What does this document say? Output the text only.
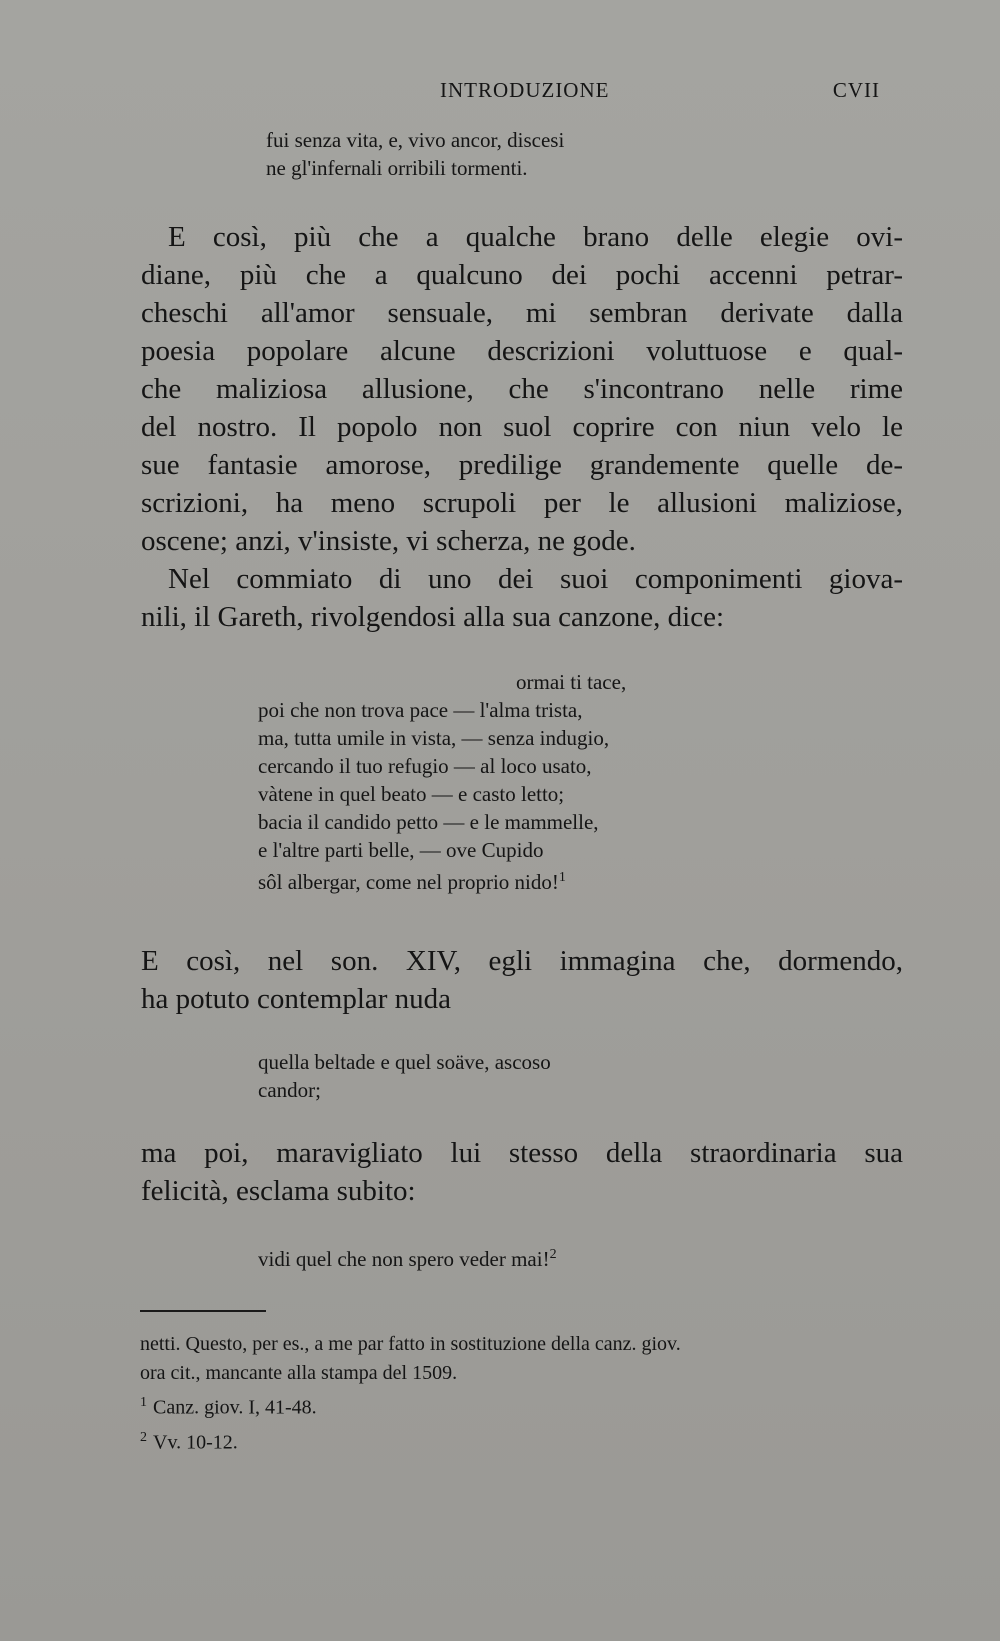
INTRODUZIONE	CVII
fui senza vita, e, vivo ancor, discesi
ne gl'infernali orribili tormenti.
E così, più che a qualche brano delle elegie ovi-
diane, più che a qualcuno dei pochi accenni petrar-
cheschi all'amor sensuale, mi sembran derivate dalla
poesia popolare alcune descrizioni voluttuose e qual-
che maliziosa allusione, che s'incontrano nelle rime
del nostro. Il popolo non suol coprire con niun velo le
sue fantasie amorose, predilige grandemente quelle de-
scrizioni, ha meno scrupoli per le allusioni maliziose,
oscene; anzi, v'insiste, vi scherza, ne gode.
Nel commiato di uno dei suoi componimenti giova-
nili, il Gareth, rivolgendosi alla sua canzone, dice:
ormai ti tace,
poi che non trova pace — l'alma trista,
ma, tutta umile in vista, — senza indugio,
cercando il tuo refugio — al loco usato,
vàtene in quel beato — e casto letto;
bacia il candido petto — e le mammelle,
e l'altre parti belle, — ove Cupido
sôl albergar, come nel proprio nido!$^1$
E così, nel son. XIV, egli immagina che, dormendo,
ha potuto contemplar nuda
quella beltade e quel soäve, ascoso
candor;
ma poi, maravigliato lui stesso della straordinaria sua
felicità, esclama subito:
vidi quel che non spero veder mai!$^2$
netti. Questo, per es., a me par fatto in sostituzione della canz. giov.
ora cit., mancante alla stampa del 1509.
$^1$ Canz. giov. I, 41-48.
$^2$ Vv. 10-12.
